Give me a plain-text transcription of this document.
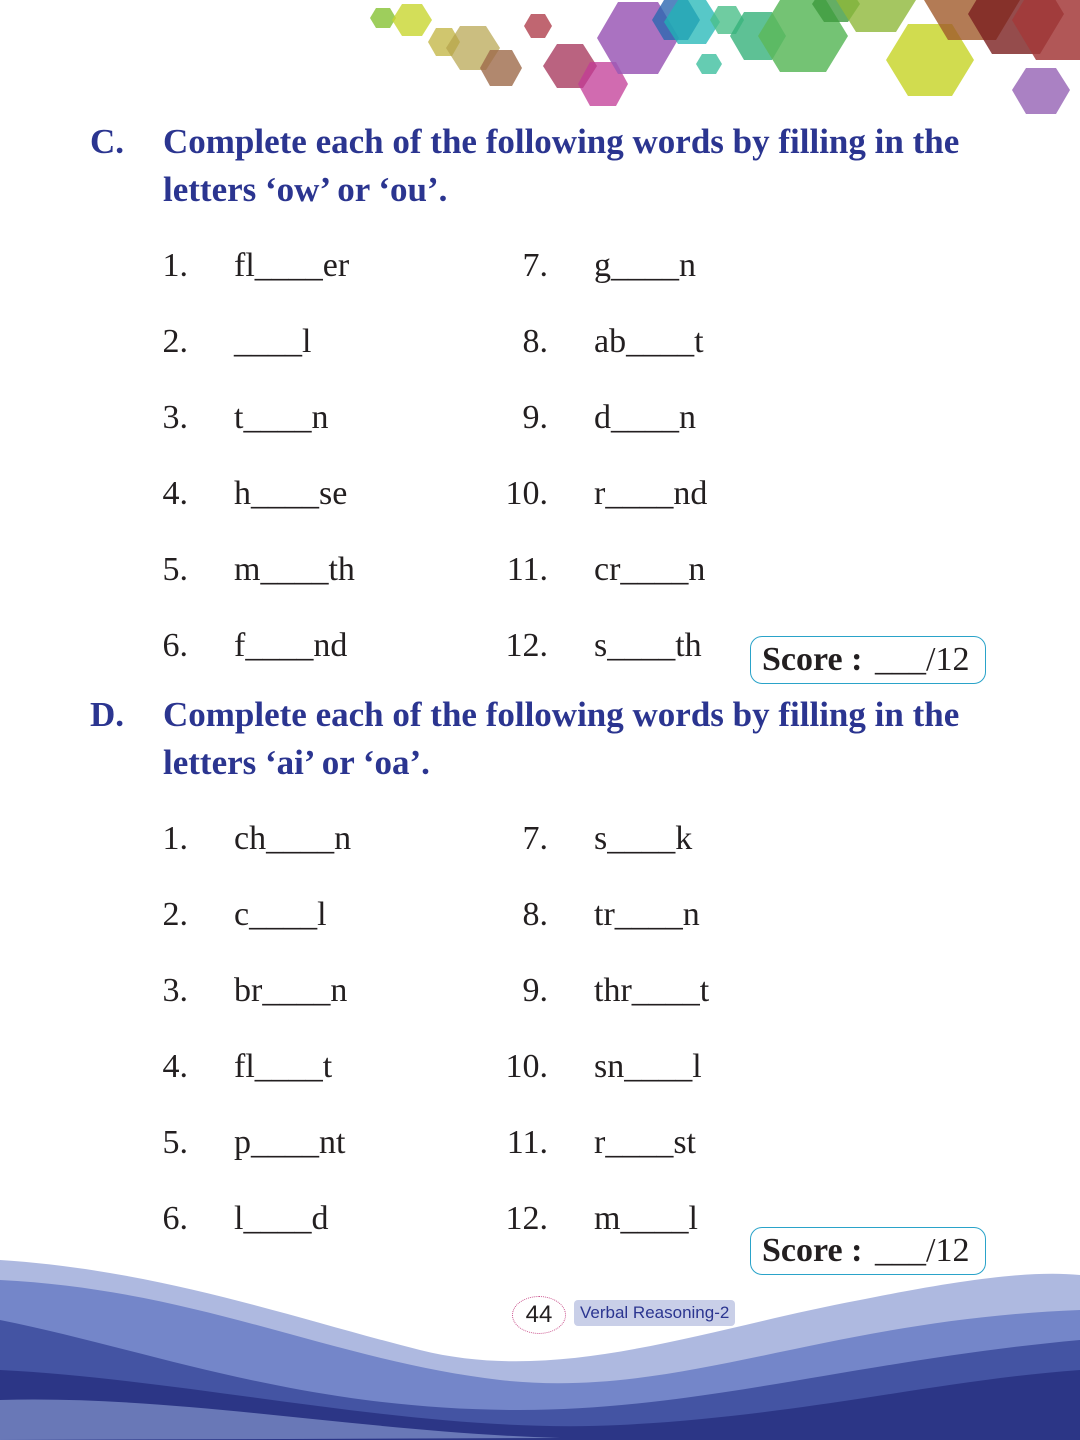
C. Complete each of the following words by filling in the letters ‘ow’ or ‘ou’.
1. fl____er
2. ____l
3. t____n
4. h____se
5. m____th
6. f____nd
7. g____n
8. ab____t
9. d____n
10. r____nd
11. cr____n
12. s____th Score : ___/12
D. Complete each of the following words by filling in the letters ‘ai’ or ‘oa’.
1. ch____n
2. c____l
3. br____n
4. fl____t
5. p____nt
6. l____d
7. s____k
8. tr____n
9. thr____t
10. sn____l
11. r____st
12. m____l
Score : ___/12
44	Verbal Reasoning-2
